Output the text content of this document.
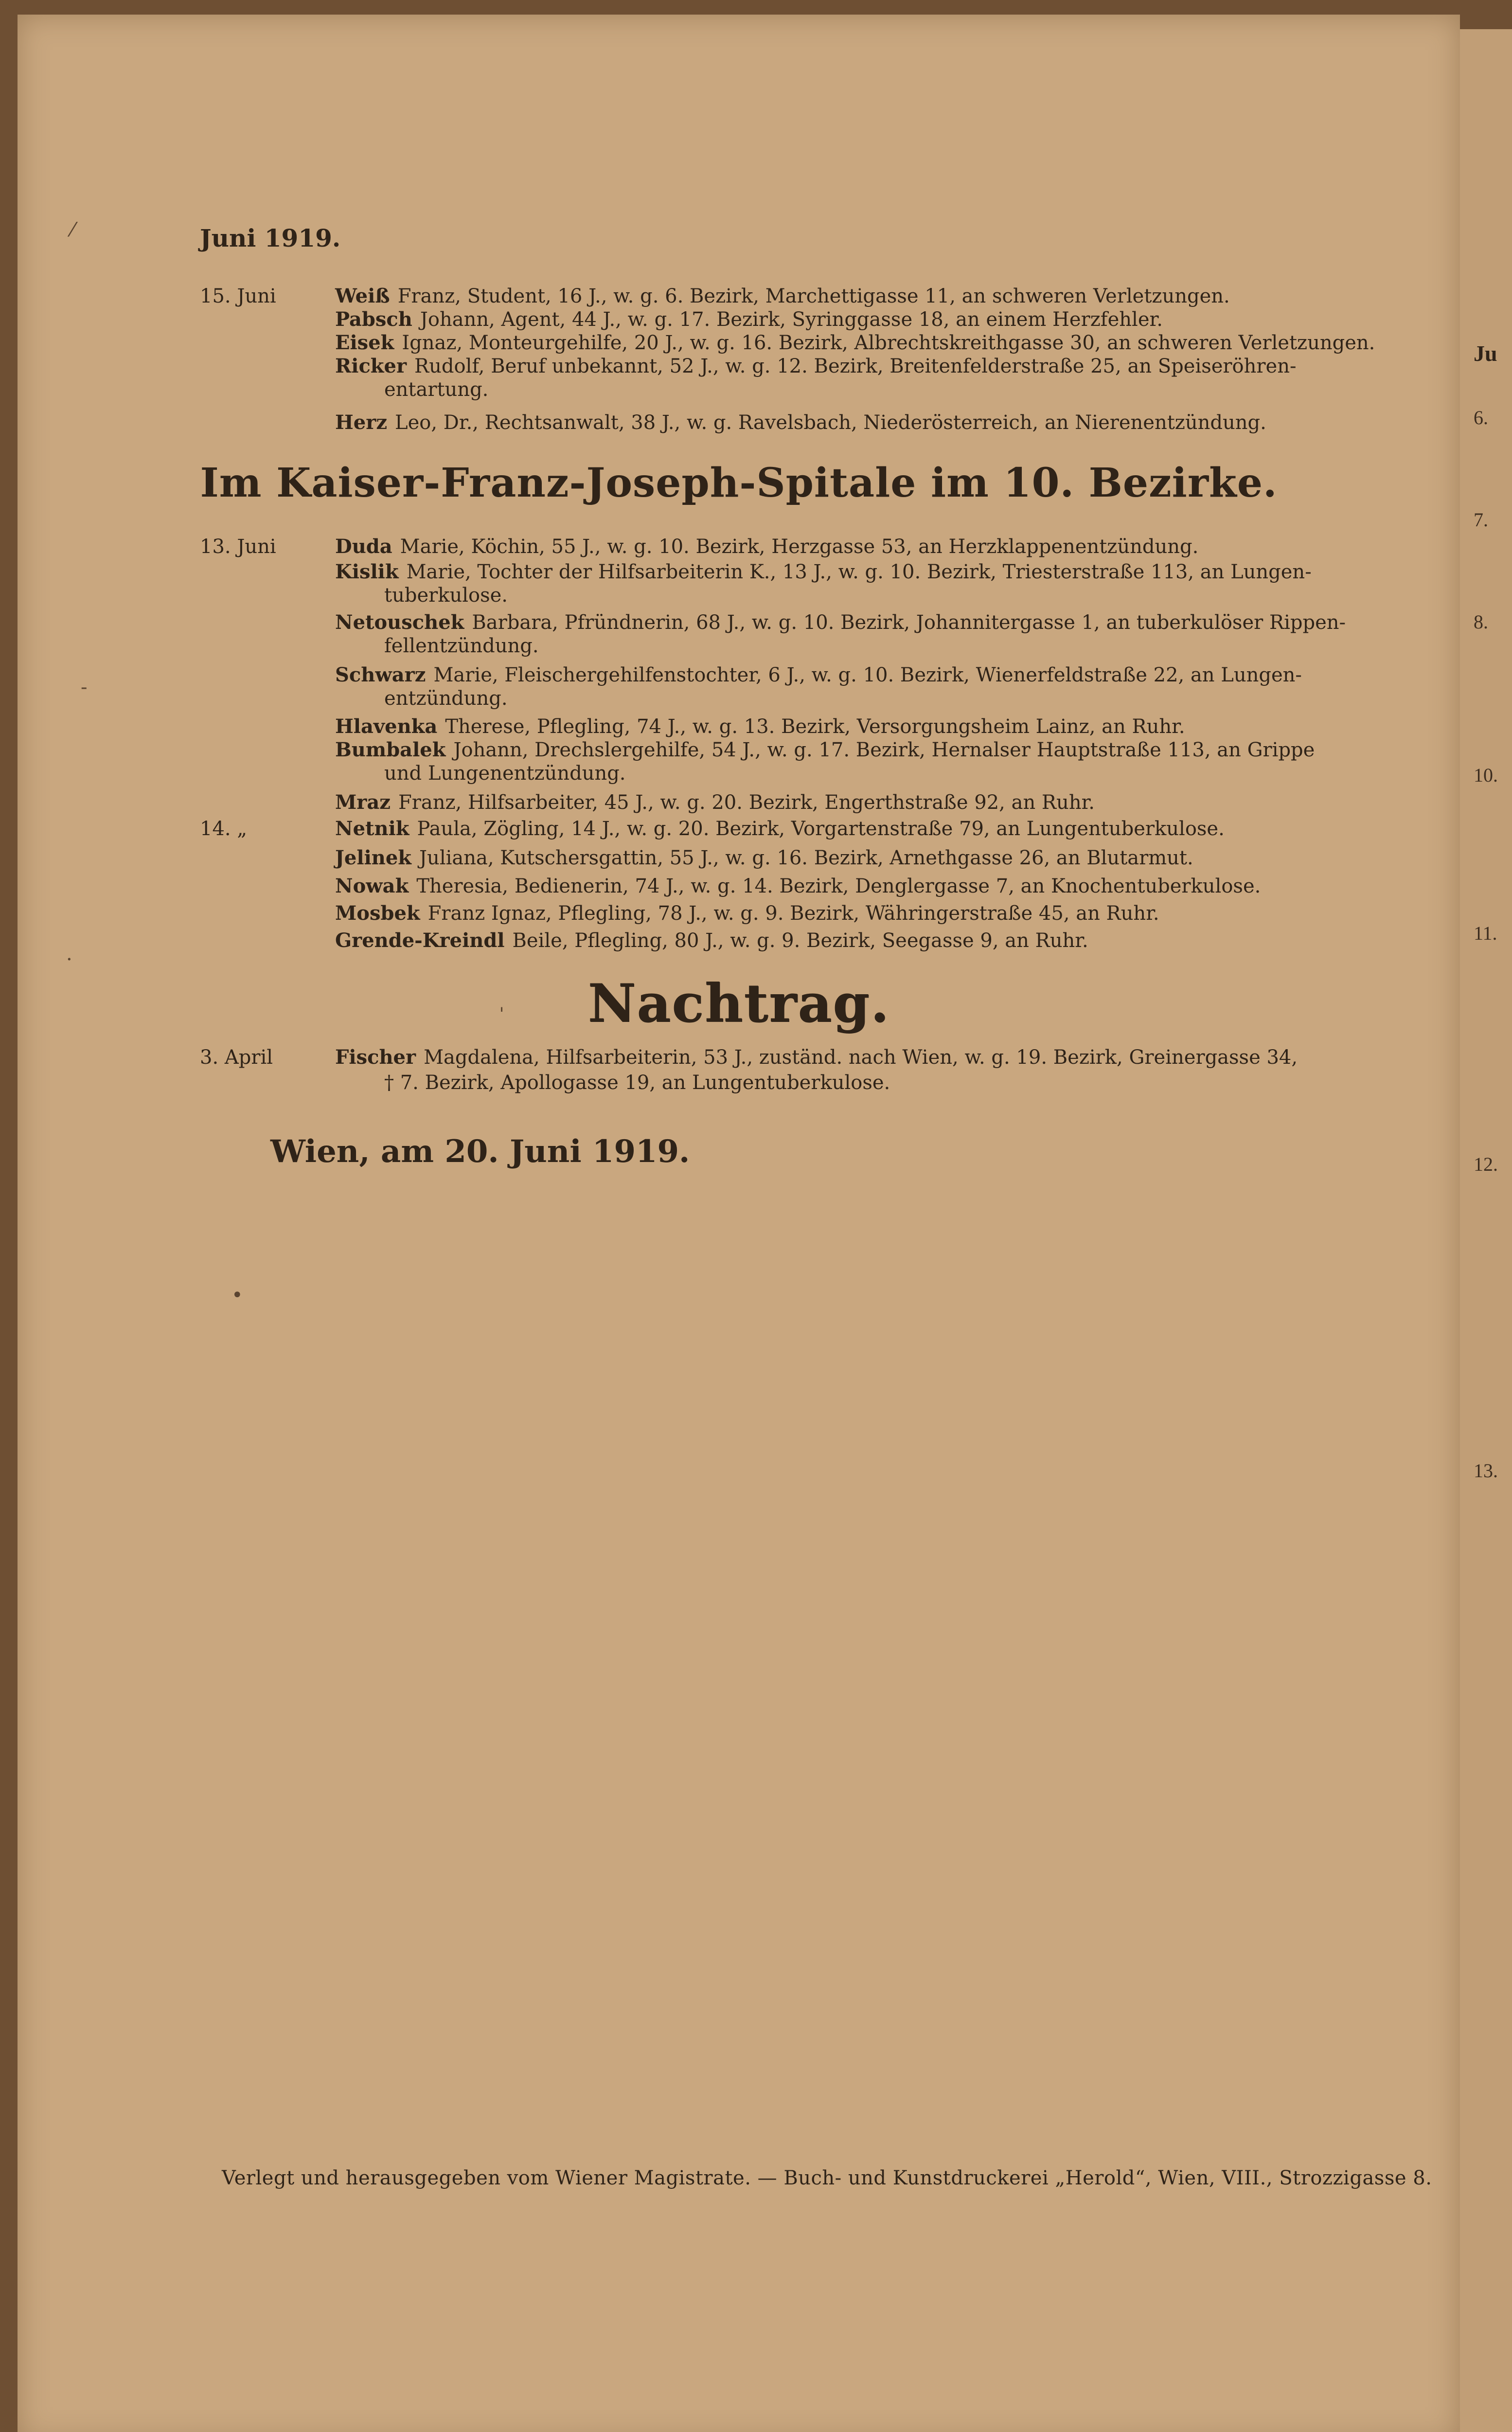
Ju
6.
7.
8.
10.
11.
12.
13.
Juni 1919.
15. Juni	Weiß Franz, Student, 16 J., w. g. 6. Bezirk, Marchettigasse 11, an schweren Verletzungen.
Pabsch Johann, Agent, 44 J., w. g. 17. Bezirk, Syringgasse 18, an einem Herzfehler.
Eisek Ignaz, Monteurgehilfe, 20 J., w. g. 16. Bezirk, Albrechtskreithgasse 30, an schweren Verletzungen.
Ricker Rudolf, Beruf unbekannt, 52 J., w. g. 12. Bezirk, Breitenfelderstraße 25, an Speiseröhren-
entartung.
Herz Leo, Dr., Rechtsanwalt, 38 J., w. g. Ravelsbach, Niederösterreich, an Nierenentzündung.
Im Kaiser-Franz-Joseph-Spitale im 10. Bezirke.
13. Juni	Duda Marie, Köchin, 55 J., w. g. 10. Bezirk, Herzgasse 53, an Herzklappenentzündung.
Kislik Marie, Tochter der Hilfsarbeiterin K., 13 J., w. g. 10. Bezirk, Triesterstraße 113, an Lungen-
tuberkulose.
Netouschek Barbara, Pfründnerin, 68 J., w. g. 10. Bezirk, Johannitergasse 1, an tuberkulöser Rippen-
fellentzündung.
Schwarz Marie, Fleischergehilfenstochter, 6 J., w. g. 10. Bezirk, Wienerfeldstraße 22, an Lungen-
entzündung.
Hlavenka Therese, Pflegling, 74 J., w. g. 13. Bezirk, Versorgungsheim Lainz, an Ruhr.
Bumbalek Johann, Drechslergehilfe, 54 J., w. g. 17. Bezirk, Hernalser Hauptstraße 113, an Grippe
und Lungenentzündung.
Mraz Franz, Hilfsarbeiter, 45 J., w. g. 20. Bezirk, Engerthstraße 92, an Ruhr.
14. „	Netnik Paula, Zögling, 14 J., w. g. 20. Bezirk, Vorgartenstraße 79, an Lungentuberkulose.
Jelinek Juliana, Kutschersgattin, 55 J., w. g. 16. Bezirk, Arnethgasse 26, an Blutarmut.
Nowak Theresia, Bedienerin, 74 J., w. g. 14. Bezirk, Denglergasse 7, an Knochentuberkulose.
Mosbek Franz Ignaz, Pflegling, 78 J., w. g. 9. Bezirk, Währingerstraße 45, an Ruhr.
Grende-Kreindl Beile, Pflegling, 80 J., w. g. 9. Bezirk, Seegasse 9, an Ruhr.
Nachtrag.
3. April	Fischer Magdalena, Hilfsarbeiterin, 53 J., zuständ. nach Wien, w. g. 19. Bezirk, Greinergasse 34,
† 7. Bezirk, Apollogasse 19, an Lungentuberkulose.
Wien, am 20. Juni 1919.
Verlegt und herausgegeben vom Wiener Magistrate. — Buch- und Kunstdruckerei „Herold“, Wien, VIII., Strozzigasse 8.
⁄
‐
·
ˈ
•
